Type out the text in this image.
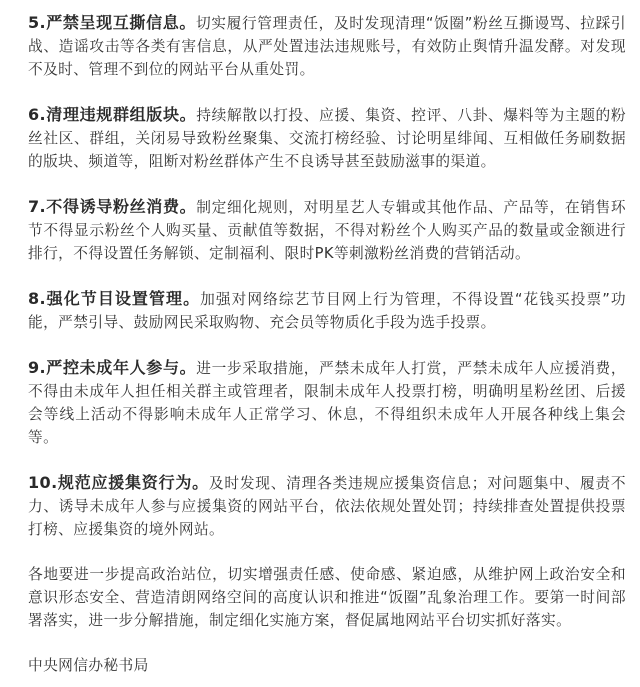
5.严禁呈现互撕信息。切实履行管理责任，及时发现清理“饭圈”粉丝互撕谩骂、拉踩引战、造谣攻击等各类有害信息，从严处置违法违规账号，有效防止舆情升温发酵。对发现不及时、管理不到位的网站平台从重处罚。

6.清理违规群组版块。持续解散以打投、应援、集资、控评、八卦、爆料等为主题的粉丝社区、群组，关闭易导致粉丝聚集、交流打榜经验、讨论明星绯闻、互相做任务刷数据的版块、频道等，阻断对粉丝群体产生不良诱导甚至鼓励滋事的渠道。

7.不得诱导粉丝消费。制定细化规则，对明星艺人专辑或其他作品、产品等，在销售环节不得显示粉丝个人购买量、贡献值等数据，不得对粉丝个人购买产品的数量或金额进行排行，不得设置任务解锁、定制福利、限时PK等刺激粉丝消费的营销活动。

8.强化节目设置管理。加强对网络综艺节目网上行为管理，不得设置“花钱买投票”功能，严禁引导、鼓励网民采取购物、充会员等物质化手段为选手投票。

9.严控未成年人参与。进一步采取措施，严禁未成年人打赏，严禁未成年人应援消费，不得由未成年人担任相关群主或管理者，限制未成年人投票打榜，明确明星粉丝团、后援会等线上活动不得影响未成年人正常学习、休息，不得组织未成年人开展各种线上集会等。

10.规范应援集资行为。及时发现、清理各类违规应援集资信息；对问题集中、履责不力、诱导未成年人参与应援集资的网站平台，依法依规处置处罚；持续排查处置提供投票打榜、应援集资的境外网站。

各地要进一步提高政治站位，切实增强责任感、使命感、紧迫感，从维护网上政治安全和意识形态安全、营造清朗网络空间的高度认识和推进“饭圈”乱象治理工作。要第一时间部署落实，进一步分解措施，制定细化实施方案，督促属地网站平台切实抓好落实。

中央网信办秘书局
